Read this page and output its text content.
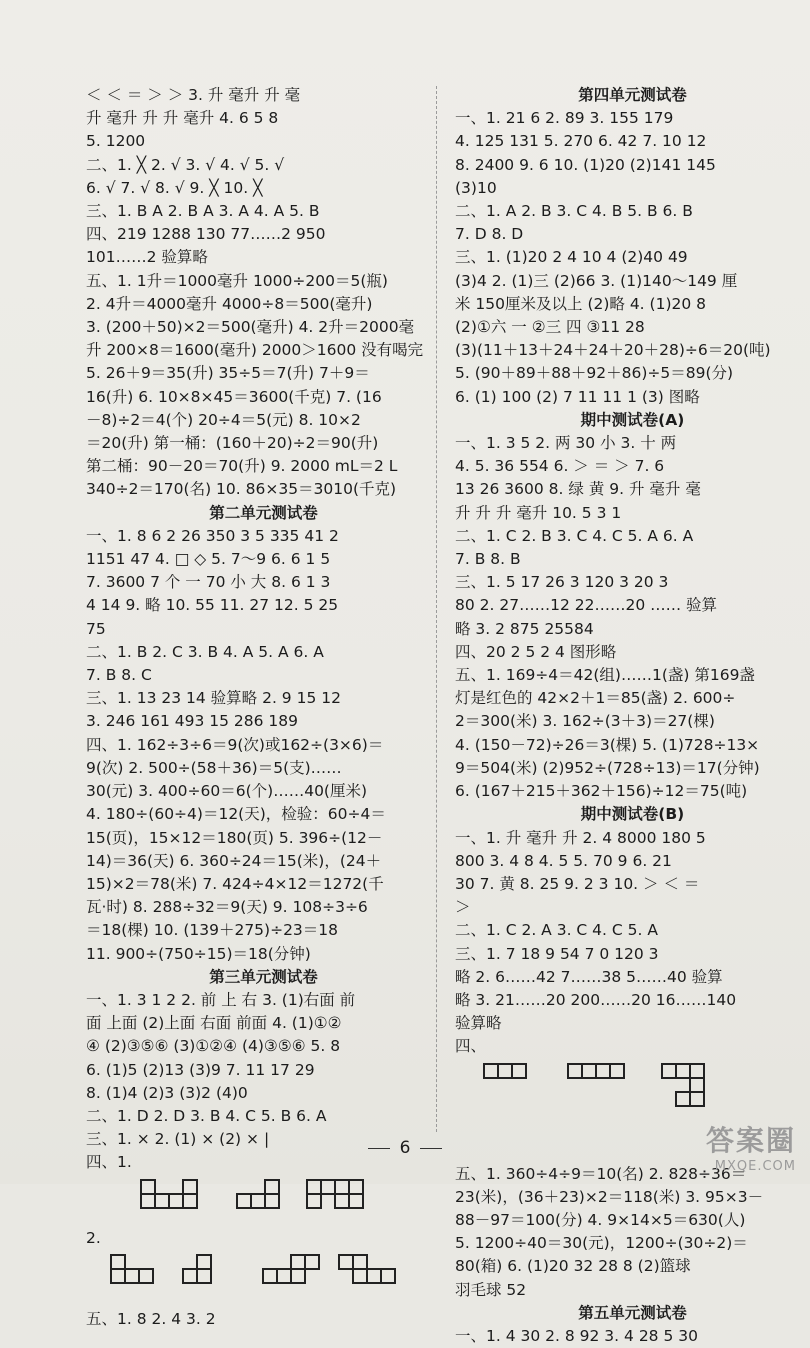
＜ ＜ ＝ ＞ ＞ 3. 升 毫升 升 毫
升 毫升 升 升 毫升 4. 6 5 8
5. 1200
二、1. ╳ 2. √ 3. √ 4. √ 5. √
6. √ 7. √ 8. √ 9. ╳ 10. ╳
三、1. B A 2. B A 3. A 4. A 5. B
四、219 1288 130 77……2 950
101……2 验算略
五、1. 1升＝1000毫升 1000÷200＝5(瓶)
2. 4升＝4000毫升 4000÷8＝500(毫升)
3. (200＋50)×2＝500(毫升) 4. 2升＝2000毫
升 200×8＝1600(毫升) 2000＞1600 没有喝完
5. 26＋9＝35(升) 35÷5＝7(升) 7＋9＝
16(升) 6. 10×8×45＝3600(千克) 7. (16
－8)÷2＝4(个) 20÷4＝5(元) 8. 10×2
＝20(升) 第一桶：(160＋20)÷2＝90(升)
第二桶：90－20＝70(升) 9. 2000 mL＝2 L
340÷2＝170(名) 10. 86×35＝3010(千克)
第二单元测试卷
一、1. 8 6 2 26 350 3 5 335 41 2
1151 47 4. □ ◇ 5. 7～9 6. 6 1 5
7. 3600 7 个 一 70 小 大 8. 6 1 3
4 14 9. 略 10. 55 11. 27 12. 5 25
75
二、1. B 2. C 3. B 4. A 5. A 6. A
7. B 8. C
三、1. 13 23 14 验算略 2. 9 15 12
3. 246 161 493 15 286 189
四、1. 162÷3÷6＝9(次)或162÷(3×6)＝
9(次) 2. 500÷(58＋36)＝5(支)……
30(元) 3. 400÷60＝6(个)……40(厘米)
4. 180÷(60÷4)＝12(天)，检验：60÷4＝
15(页)，15×12＝180(页) 5. 396÷(12－
14)＝36(天) 6. 360÷24＝15(米)，(24＋
15)×2＝78(米) 7. 424÷4×12＝1272(千
瓦·时) 8. 288÷32＝9(天) 9. 108÷3÷6
＝18(棵) 10. (139＋275)÷23＝18
11. 900÷(750÷15)＝18(分钟)
第三单元测试卷
一、1. 3 1 2 2. 前 上 右 3. (1)右面 前
面 上面 (2)上面 右面 前面 4. (1)①②
④ (2)③⑤⑥ (3)①②④ (4)③⑤⑥ 5. 8
6. (1)5 (2)13 (3)9 7. 11 17 29
8. (1)4 (2)3 (3)2 (4)0
二、1. D 2. D 3. B 4. C 5. B 6. A
三、1. ⨯ 2. (1) ⨯ (2) ⨯ |
四、1.
2.
五、1. 8 2. 4 3. 2
第四单元测试卷
一、1. 21 6 2. 89 3. 155 179
4. 125 131 5. 270 6. 42 7. 10 12
8. 2400 9. 6 10. (1)20 (2)141 145
(3)10
二、1. A 2. B 3. C 4. B 5. B 6. B
7. D 8. D
三、1. (1)20 2 4 10 4 (2)40 49
(3)4 2. (1)三 (2)66 3. (1)140～149 厘
米 150厘米及以上 (2)略 4. (1)20 8
(2)①六 一 ②三 四 ③11 28
(3)(11＋13＋24＋24＋20＋28)÷6＝20(吨)
5. (90＋89＋88＋92＋86)÷5＝89(分)
6. (1) 100 (2) 7 11 11 1 (3) 图略
期中测试卷(A)
一、1. 3 5 2. 两 30 小 3. 十 两
4. 5. 36 554 6. ＞ ＝ ＞ 7. 6
13 26 3600 8. 绿 黄 9. 升 毫升 毫
升 升 升 毫升 10. 5 3 1
二、1. C 2. B 3. C 4. C 5. A 6. A
7. B 8. B
三、1. 5 17 26 3 120 3 20 3
80 2. 27……12 22……20 …… 验算
略 3. 2 875 25584
四、20 2 5 2 4 图形略
五、1. 169÷4＝42(组)……1(盏) 第169盏
灯是红色的 42×2＋1＝85(盏) 2. 600÷
2＝300(米) 3. 162÷(3＋3)＝27(棵)
4. (150－72)÷26＝3(棵) 5. (1)728÷13×
9＝504(米) (2)952÷(728÷13)＝17(分钟)
6. (167＋215＋362＋156)÷12＝75(吨)
期中测试卷(B)
一、1. 升 毫升 升 2. 4 8000 180 5
800 3. 4 8 4. 5 5. 70 9 6. 21
30 7. 黄 8. 25 9. 2 3 10. ＞ ＜ ＝
＞
二、1. C 2. A 3. C 4. C 5. A
三、1. 7 18 9 54 7 0 120 3
略 2. 6……42 7……38 5……40 验算
略 3. 21……20 200……20 16……140
验算略
四、
五、1. 360÷4÷9＝10(名) 2. 828÷36＝
23(米)，(36＋23)×2＝118(米) 3. 95×3－
88－97＝100(分) 4. 9×14×5＝630(人)
5. 1200÷40＝30(元)，1200÷(30÷2)＝
80(箱) 6. (1)20 32 28 8 (2)篮球
羽毛球 52
第五单元测试卷
一、1. 4 30 2. 8 92 3. 4 28 5 30
6	答案圈
MXQE.COM
